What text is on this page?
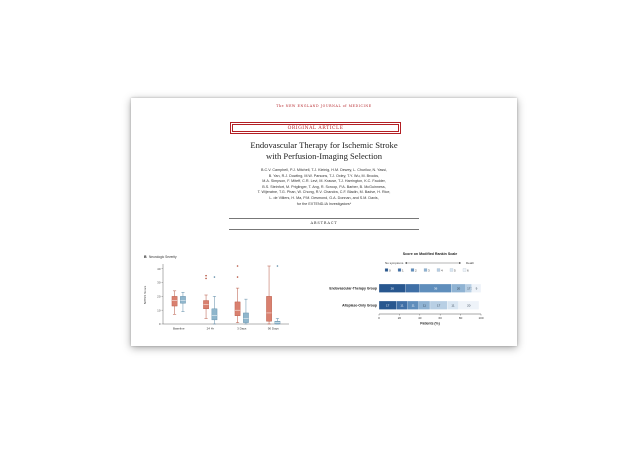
The NEW ENGLAND JOURNAL of MEDICINE
ORIGINAL ARTICLE
Endovascular Therapy for Ischemic Stroke
with Perfusion-Imaging Selection
B.C.V. Campbell, P.J. Mitchell, T.J. Kleinig, H.M. Dewey, L. Churilov, N. Yassi,
B. Yan, R.J. Dowling, M.W. Parsons, T.J. Oxley, T.Y. Wu, M. Brooks,
M.A. Simpson, F. Miteff, C.R. Levi, M. Krause, T.J. Harrington, K.C. Faulder,
B.S. Steinfort, M. Priglinger, T. Ang, R. Scroop, P.A. Barber, B. McGuinness,
T. Wijeratne, T.G. Phan, W. Chong, R.V. Chandra, C.F. Bladin, M. Badve, H. Rice,
L. de Villiers, H. Ma, P.M. Desmond, G.A. Donnan, and S.M. Davis,
for the EXTEND-IA Investigators*
ABSTRACT
B Neurologic Severity
NIHSS Score
0
10
20
30
40
Baseline	24 Hr	3 Days	90 Days
Score on Modified Rankin Scale
No symptoms	Death
0	1	2	3	4	5	6
Endovascular-Therapy Group	26	36	20 17 9
Alteplase-Only Group	17	11	11	11	17	11	20
0	20	40	60	80	100
Patients (%)
